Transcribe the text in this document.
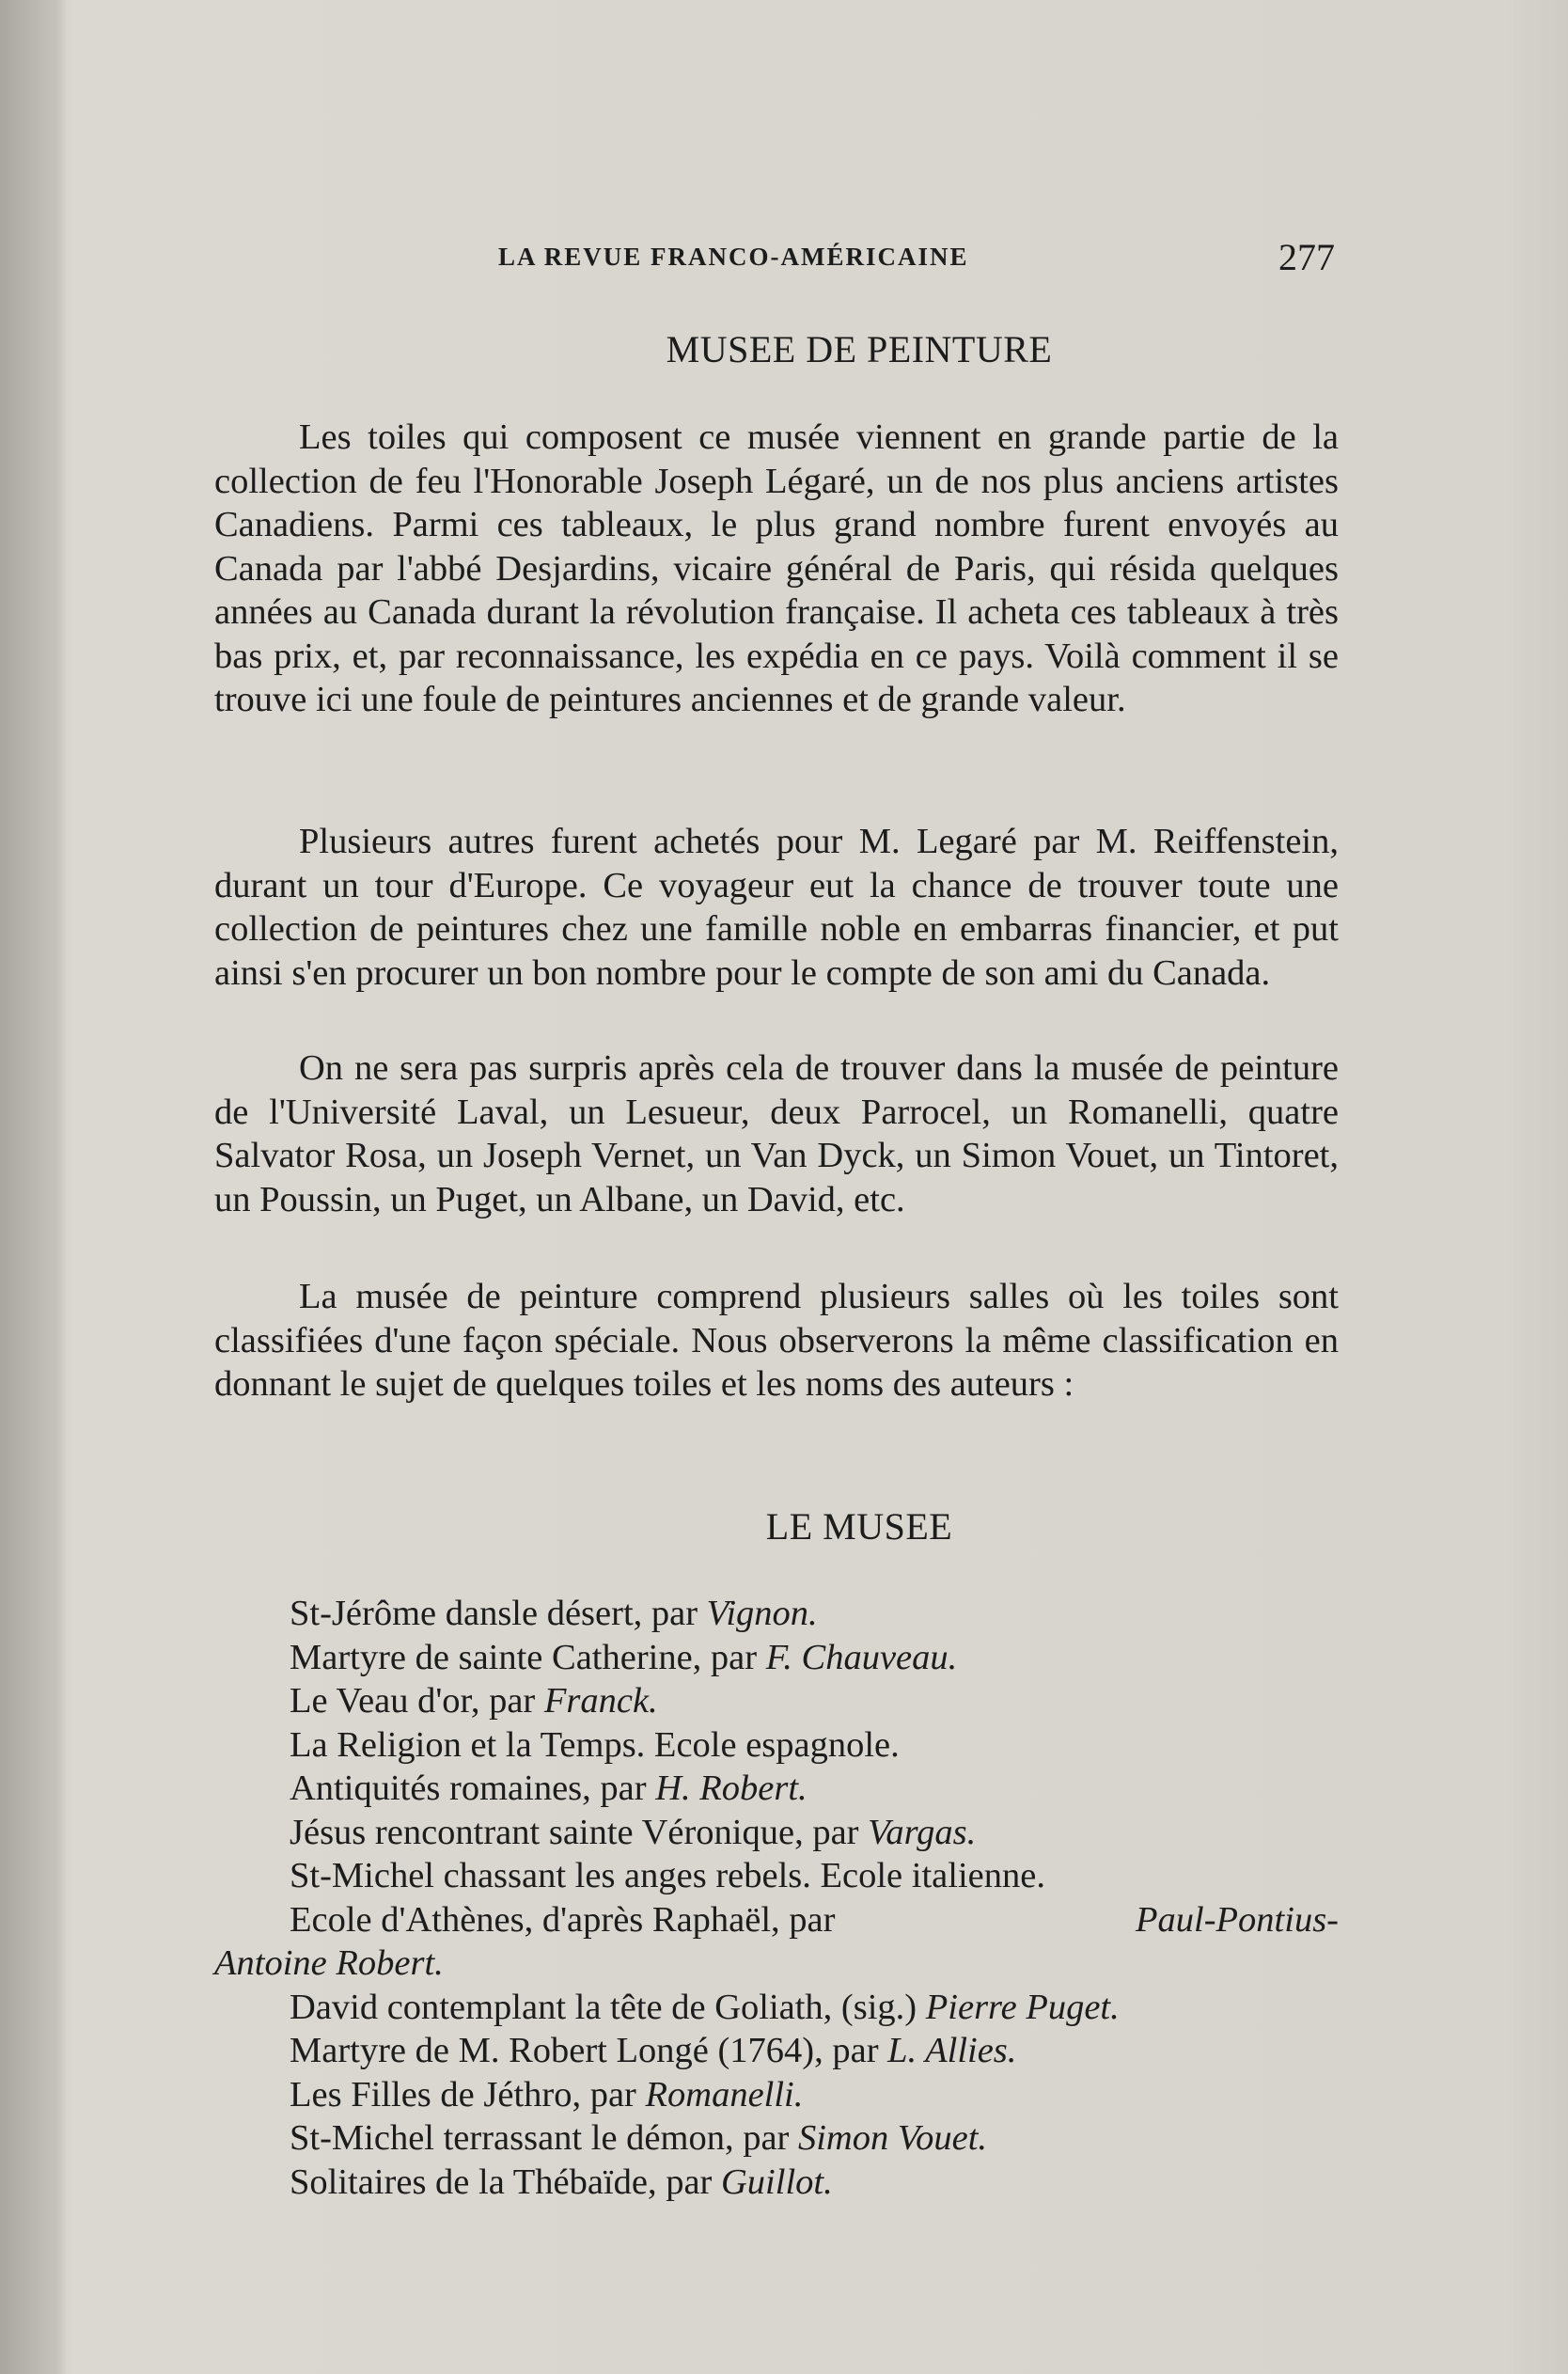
LA REVUE FRANCO-AMÉRICAINE	277
MUSEE DE PEINTURE

Les toiles qui composent ce musée viennent en grande partie de la collection de feu l'Honorable Joseph Légaré, un de nos plus anciens artistes Canadiens. Parmi ces tableaux, le plus grand nombre furent envoyés au Canada par l'abbé Desjardins, vicaire général de Paris, qui résida quelques années au Canada durant la révolution française. Il acheta ces tableaux à très bas prix, et, par reconnaissance, les expédia en ce pays. Voilà comment il se trouve ici une foule de peintures anciennes et de grande valeur.

Plusieurs autres furent achetés pour M. Legaré par M. Reiffenstein, durant un tour d'Europe. Ce voyageur eut la chance de trouver toute une collection de peintures chez une famille noble en embarras financier, et put ainsi s'en procurer un bon nombre pour le compte de son ami du Canada.

On ne sera pas surpris après cela de trouver dans la musée de peinture de l'Université Laval, un Lesueur, deux Parrocel, un Romanelli, quatre Salvator Rosa, un Joseph Vernet, un Van Dyck, un Simon Vouet, un Tintoret, un Poussin, un Puget, un Albane, un David, etc.

La musée de peinture comprend plusieurs salles où les toiles sont classifiées d'une façon spéciale. Nous observerons la même classification en donnant le sujet de quelques toiles et les noms des auteurs :

LE MUSEE
St-Jérôme dansle désert, par Vignon.
Martyre de sainte Catherine, par F. Chauveau.
Le Veau d'or, par Franck.
La Religion et la Temps. Ecole espagnole.
Antiquités romaines, par H. Robert.
Jésus rencontrant sainte Véronique, par Vargas.
St-Michel chassant les anges rebels. Ecole italienne.
Ecole d'Athènes, d'après Raphaël, par	Paul-Pontius-
Antoine Robert.
David contemplant la tête de Goliath, (sig.) Pierre Puget.
Martyre de M. Robert Longé (1764), par L. Allies.
Les Filles de Jéthro, par Romanelli.
St-Michel terrassant le démon, par Simon Vouet.
Solitaires de la Thébaïde, par Guillot.
